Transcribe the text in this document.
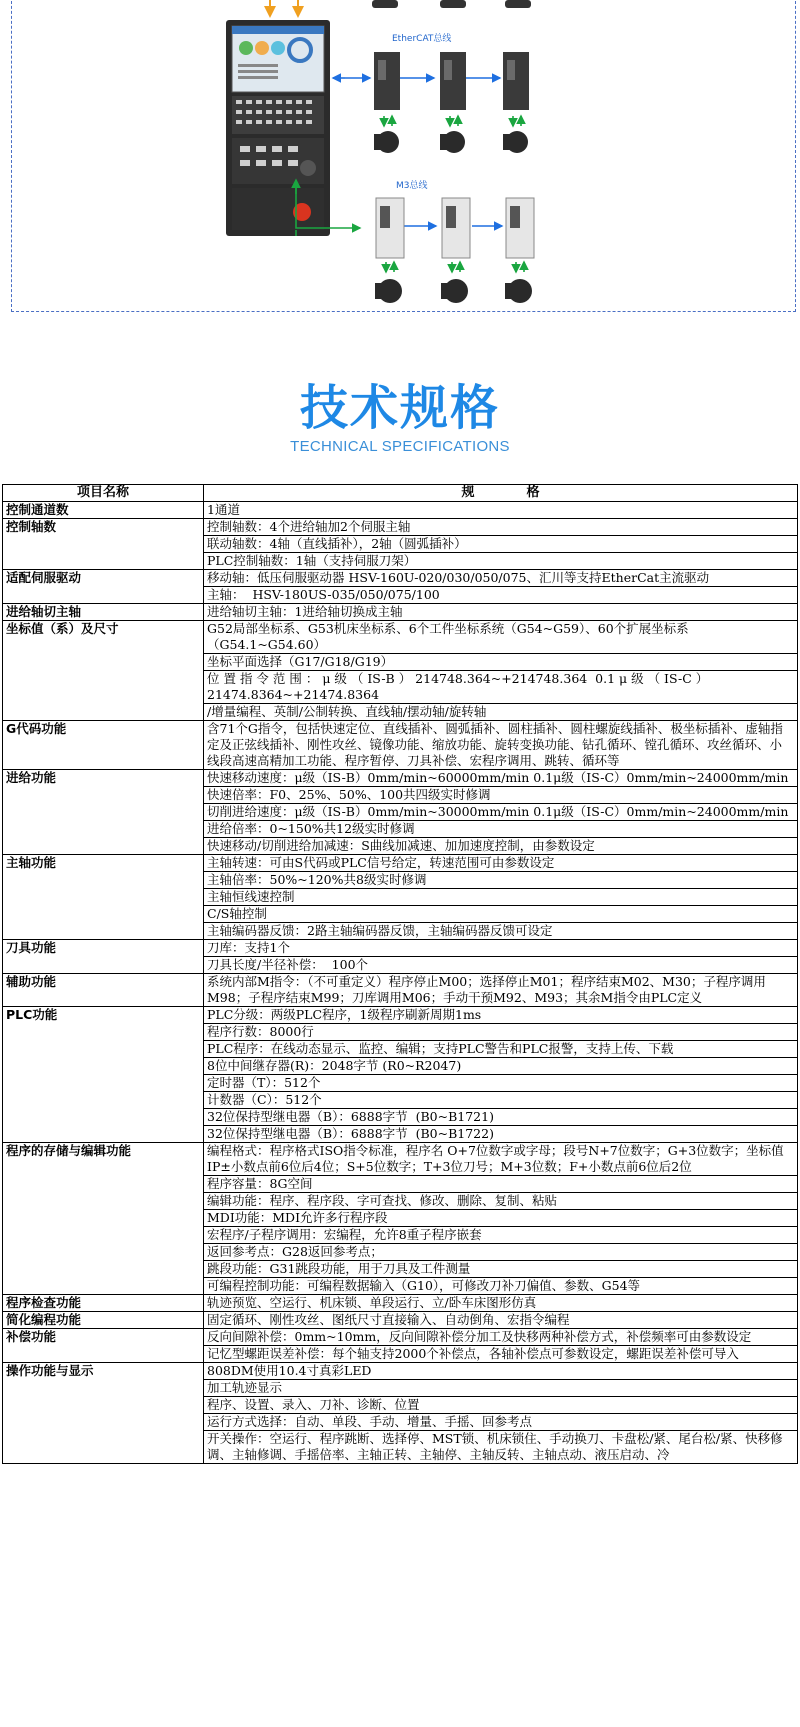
EtherCAT总线
M3总线
技术规格
TECHNICAL SPECIFICATIONS
项目名称	规　　　　格
控制通道数	1通道
控制轴数	控制轴数：4个进给轴加2个伺服主轴
	联动轴数：4轴（直线插补），2轴（圆弧插补）
	PLC控制轴数：1轴（支持伺服刀架）
适配伺服驱动	移动轴：低压伺服驱动器 HSV-160U-020/030/050/075、汇川等支持EtherCat主流驱动
	主轴：  HSV-180US-035/050/075/100
进给轴切主轴	进给轴切主轴：1进给轴切换成主轴
坐标值（系）及尺寸	G52局部坐标系、G53机床坐标系、6个工件坐标系统（G54~G59）、60个扩展坐标系（G54.1~G54.60）
	坐标平面选择（G17/G18/G19）
	位 置 指 令 范 围 ： μ 级 （ IS-B ） 214748.364~+214748.364  0.1 μ 级 （ IS-C ） 21474.8364~+21474.8364
	/增量编程、英制/公制转换、直线轴/摆动轴/旋转轴
G代码功能	含71个G指令，包括快速定位、直线插补、圆弧插补、圆柱插补、圆柱螺旋线插补、极坐标插补、虚轴指定及正弦线插补、刚性攻丝、镜像功能、缩放功能、旋转变换功能、钻孔循环、镗孔循环、攻丝循环、小线段高速高精加工功能、程序暂停、刀具补偿、宏程序调用、跳转、循环等
进给功能	快速移动速度：μ级（IS-B）0mm/min~60000mm/min 0.1μ级（IS-C）0mm/min~24000mm/min
	快速倍率：F0、25%、50%、100共四级实时修调
	切削进给速度：μ级（IS-B）0mm/min~30000mm/min 0.1μ级（IS-C）0mm/min~24000mm/min
	进给倍率：0~150%共12级实时修调
	快速移动/切削进给加减速：S曲线加减速、加加速度控制，由参数设定
主轴功能	主轴转速：可由S代码或PLC信号给定，转速范围可由参数设定
	主轴倍率：50%~120%共8级实时修调
	主轴恒线速控制
	C/S轴控制
	主轴编码器反馈：2路主轴编码器反馈，主轴编码器反馈可设定
刀具功能	刀库：支持1个
	刀具长度/半径补偿：  100个
辅助功能	系统内部M指令：（不可重定义）程序停止M00；选择停止M01；程序结束M02、M30；子程序调用M98；子程序结束M99；刀库调用M06；手动干预M92、M93；其余M指令由PLC定义
PLC功能	PLC分级：两级PLC程序，1级程序刷新周期1ms
	程序行数：8000行
	PLC程序：在线动态显示、监控、编辑；支持PLC警告和PLC报警，支持上传、下载
	8位中间继存器(R)：2048字节 (R0~R2047)
	定时器（T）：512个
	计数器（C）：512个
	32位保持型继电器（B）：6888字节  (B0~B1721)
	32位保持型继电器（B）：6888字节  (B0~B1722)
程序的存储与编辑功能	编程格式：程序格式ISO指令标准，程序名 O+7位数字或字母；段号N+7位数字；G+3位数字；坐标值IP±小数点前6位后4位；S+5位数字；T+3位刀号；M+3位数；F+小数点前6位后2位
	程序容量：8G空间
	编辑功能：程序、程序段、字可查找、修改、删除、复制、粘贴
	MDI功能：MDI允许多行程序段
	宏程序/子程序调用：宏编程，允许8重子程序嵌套
	返回参考点：G28返回参考点；
	跳段功能：G31跳段功能，用于刀具及工件测量
	可编程控制功能：可编程数据输入（G10），可修改刀补刀偏值、参数、G54等
程序检查功能	轨迹预览、空运行、机床锁、单段运行、立/卧车床图形仿真
简化编程功能	固定循环、刚性攻丝、图纸尺寸直接输入、自动倒角、宏指令编程
补偿功能	反向间隙补偿：0mm~10mm，反向间隙补偿分加工及快移两种补偿方式，补偿频率可由参数设定
	记忆型螺距误差补偿：每个轴支持2000个补偿点，各轴补偿点可参数设定，螺距误差补偿可导入
操作功能与显示	808DM使用10.4寸真彩LED
	加工轨迹显示
	程序、设置、录入、刀补、诊断、位置
	运行方式选择：自动、单段、手动、增量、手摇、回参考点
	开关操作：空运行、程序跳断、选择停、MST锁、机床锁住、手动换刀、卡盘松/紧、尾台松/紧、快移修调、主轴修调、手摇倍率、主轴正转、主轴停、主轴反转、主轴点动、液压启动、冷
